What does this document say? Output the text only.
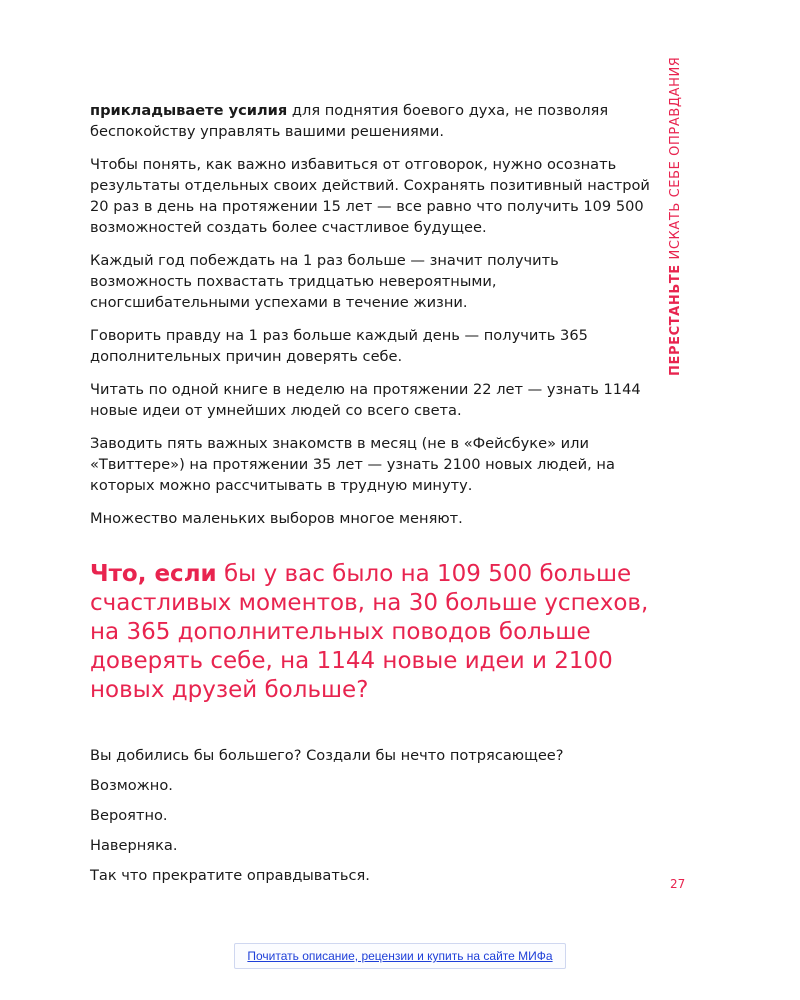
ПЕРЕСТАНЬТЕ ИСКАТЬ СЕБЕ ОПРАВДАНИЯ

прикладываете усилия для поднятия боевого духа, не позволяя беспокойству управлять вашими решениями.

Чтобы понять, как важно избавиться от отговорок, нужно осознать результаты отдельных своих действий. Сохранять позитивный настрой 20 раз в день на протяжении 15 лет — все равно что получить 109 500 возможностей создать более счастливое будущее.

Каждый год побеждать на 1 раз больше — значит получить возможность похвастать тридцатью невероятными, сногсшибательными успехами в течение жизни.

Говорить правду на 1 раз больше каждый день — получить 365 дополнительных причин доверять себе.

Читать по одной книге в неделю на протяжении 22 лет — узнать 1144 новые идеи от умнейших людей со всего света.

Заводить пять важных знакомств в месяц (не в «Фейсбуке» или «Твиттере») на протяжении 35 лет — узнать 2100 новых людей, на которых можно рассчитывать в трудную минуту.

Множество маленьких выборов многое меняют.

Что, если бы у вас было на 109 500 больше счастливых моментов, на 30 больше успехов, на 365 дополнительных поводов больше доверять себе, на 1144 новые идеи и 2100 новых друзей больше?

Вы добились бы большего? Создали бы нечто потрясающее?

Возможно.

Вероятно.

Наверняка.

Так что прекратите оправдываться.	27
Почитать описание, рецензии и купить на сайте МИФа
